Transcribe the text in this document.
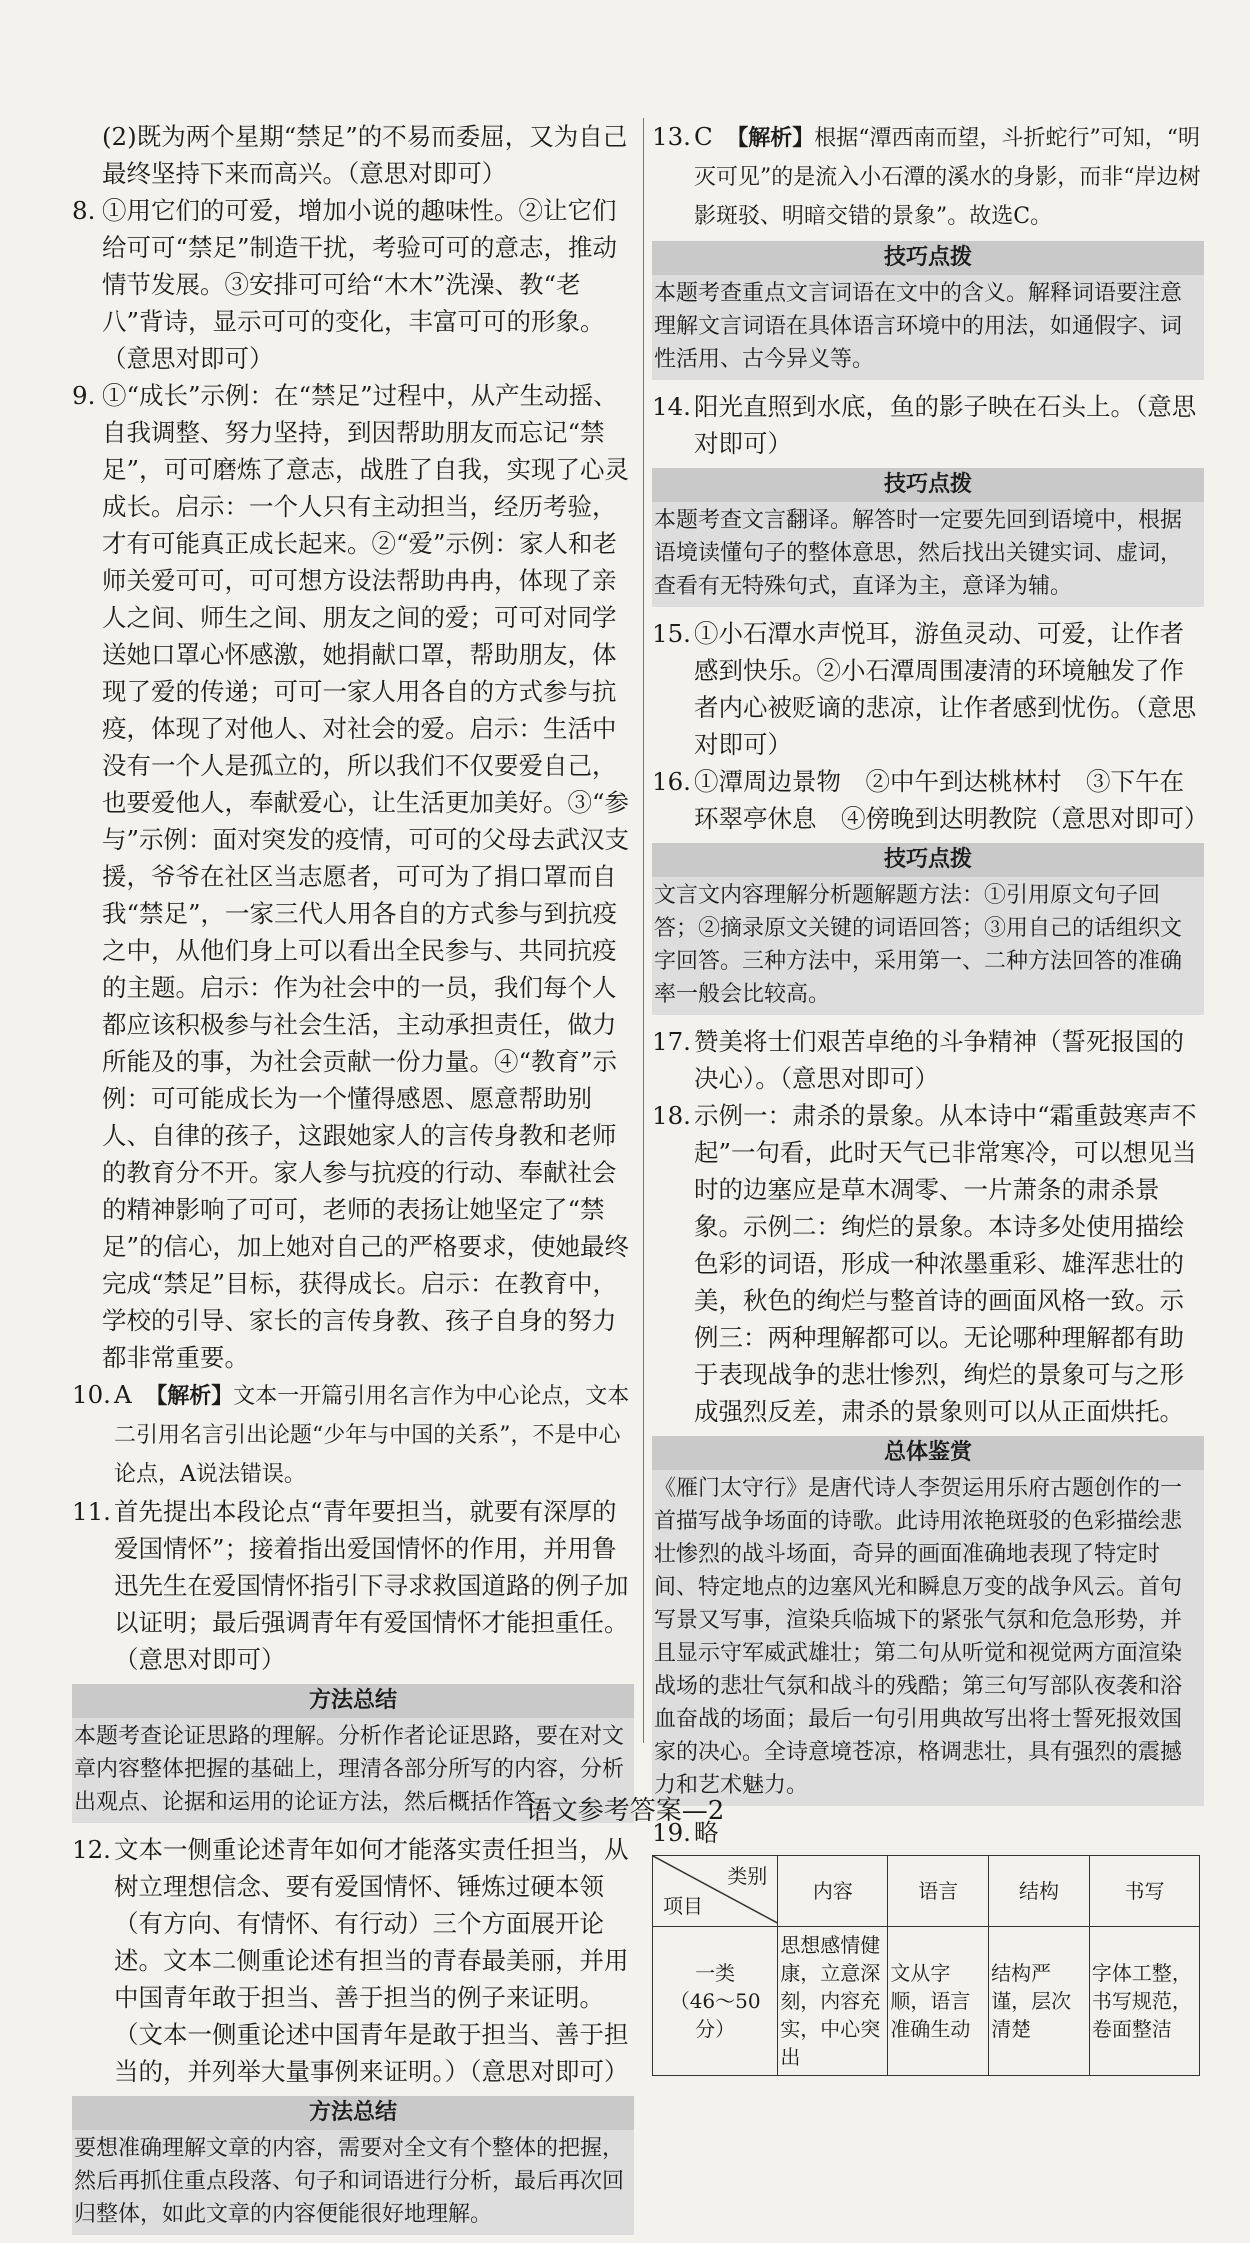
(2)既为两个星期“禁足”的不易而委屈，又为自己最终坚持下来而高兴。（意思对即可）

8. ①用它们的可爱，增加小说的趣味性。②让它们给可可“禁足”制造干扰，考验可可的意志，推动情节发展。③安排可可给“木木”洗澡、教“老八”背诗，显示可可的变化，丰富可可的形象。（意思对即可）

9. ①“成长”示例：在“禁足”过程中，从产生动摇、自我调整、努力坚持，到因帮助朋友而忘记“禁足”，可可磨炼了意志，战胜了自我，实现了心灵成长。启示：一个人只有主动担当，经历考验，才有可能真正成长起来。②“爱”示例：家人和老师关爱可可，可可想方设法帮助冉冉，体现了亲人之间、师生之间、朋友之间的爱；可可对同学送她口罩心怀感激，她捐献口罩，帮助朋友，体现了爱的传递；可可一家人用各自的方式参与抗疫，体现了对他人、对社会的爱。启示：生活中没有一个人是孤立的，所以我们不仅要爱自己，也要爱他人，奉献爱心，让生活更加美好。③“参与”示例：面对突发的疫情，可可的父母去武汉支援，爷爷在社区当志愿者，可可为了捐口罩而自我“禁足”，一家三代人用各自的方式参与到抗疫之中，从他们身上可以看出全民参与、共同抗疫的主题。启示：作为社会中的一员，我们每个人都应该积极参与社会生活，主动承担责任，做力所能及的事，为社会贡献一份力量。④“教育”示例：可可能成长为一个懂得感恩、愿意帮助别人、自律的孩子，这跟她家人的言传身教和老师的教育分不开。家人参与抗疫的行动、奉献社会的精神影响了可可，老师的表扬让她坚定了“禁足”的信心，加上她对自己的严格要求，使她最终完成“禁足”目标，获得成长。启示：在教育中，学校的引导、家长的言传身教、孩子自身的努力都非常重要。

10. A　 【解析】文本一开篇引用名言作为中心论点，文本二引用名言引出论题“少年与中国的关系”，不是中心论点，A说法错误。

11. 首先提出本段论点“青年要担当，就要有深厚的爱国情怀”；接着指出爱国情怀的作用，并用鲁迅先生在爱国情怀指引下寻求救国道路的例子加以证明；最后强调青年有爱国情怀才能担重任。（意思对即可）

方法总结
本题考查论证思路的理解。分析作者论证思路，要在对文章内容整体把握的基础上，理清各部分所写的内容，分析出观点、论据和运用的论证方法，然后概括作答。

12. 文本一侧重论述青年如何才能落实责任担当，从树立理想信念、要有爱国情怀、锤炼过硬本领（有方向、有情怀、有行动）三个方面展开论述。文本二侧重论述有担当的青春最美丽，并用中国青年敢于担当、善于担当的例子来证明。（文本一侧重论述中国青年是敢于担当、善于担当的，并列举大量事例来证明。）（意思对即可）

方法总结
要想准确理解文章的内容，需要对全文有个整体的把握，然后再抓住重点段落、句子和词语进行分析，最后再次回归整体，如此文章的内容便能很好地理解。

13. C　 【解析】根据“潭西南而望，斗折蛇行”可知，“明灭可见”的是流入小石潭的溪水的身影，而非“岸边树影斑驳、明暗交错的景象”。故选C。

技巧点拨
本题考查重点文言词语在文中的含义。解释词语要注意理解文言词语在具体语言环境中的用法，如通假字、词性活用、古今异义等。

14. 阳光直照到水底，鱼的影子映在石头上。（意思对即可）

技巧点拨
本题考查文言翻译。解答时一定要先回到语境中，根据语境读懂句子的整体意思，然后找出关键实词、虚词，查看有无特殊句式，直译为主，意译为辅。

15. ①小石潭水声悦耳，游鱼灵动、可爱，让作者感到快乐。②小石潭周围凄清的环境触发了作者内心被贬谪的悲凉，让作者感到忧伤。（意思对即可）

16. ①潭周边景物　②中午到达桃林村　③下午在环翠亭休息　④傍晚到达明教院（意思对即可）

技巧点拨
文言文内容理解分析题解题方法：①引用原文句子回答；②摘录原文关键的词语回答；③用自己的话组织文字回答。三种方法中，采用第一、二种方法回答的准确率一般会比较高。

17. 赞美将士们艰苦卓绝的斗争精神（誓死报国的决心）。（意思对即可）

18. 示例一：肃杀的景象。从本诗中“霜重鼓寒声不起”一句看，此时天气已非常寒冷，可以想见当时的边塞应是草木凋零、一片萧条的肃杀景象。示例二：绚烂的景象。本诗多处使用描绘色彩的词语，形成一种浓墨重彩、雄浑悲壮的美，秋色的绚烂与整首诗的画面风格一致。示例三：两种理解都可以。无论哪种理解都有助于表现战争的悲壮惨烈，绚烂的景象可与之形成强烈反差，肃杀的景象则可以从正面烘托。

总体鉴赏
《雁门太守行》是唐代诗人李贺运用乐府古题创作的一首描写战争场面的诗歌。此诗用浓艳斑驳的色彩描绘悲壮惨烈的战斗场面，奇异的画面准确地表现了特定时间、特定地点的边塞风光和瞬息万变的战争风云。首句写景又写事，渲染兵临城下的紧张气氛和危急形势，并且显示守军威武雄壮；第二句从听觉和视觉两方面渲染战场的悲壮气氛和战斗的残酷；第三句写部队夜袭和浴血奋战的场面；最后一句引用典故写出将士誓死报效国家的决心。全诗意境苍凉，格调悲壮，具有强烈的震撼力和艺术魅力。

19. 略

类别
项目	内容	语言	结构	书写

一类
（46～50分）	思想感情健康，立意深刻，内容充实，中心突出	文从字顺，语言准确生动	结构严谨，层次清楚	字体工整，书写规范，卷面整洁
语文参考答案—2
